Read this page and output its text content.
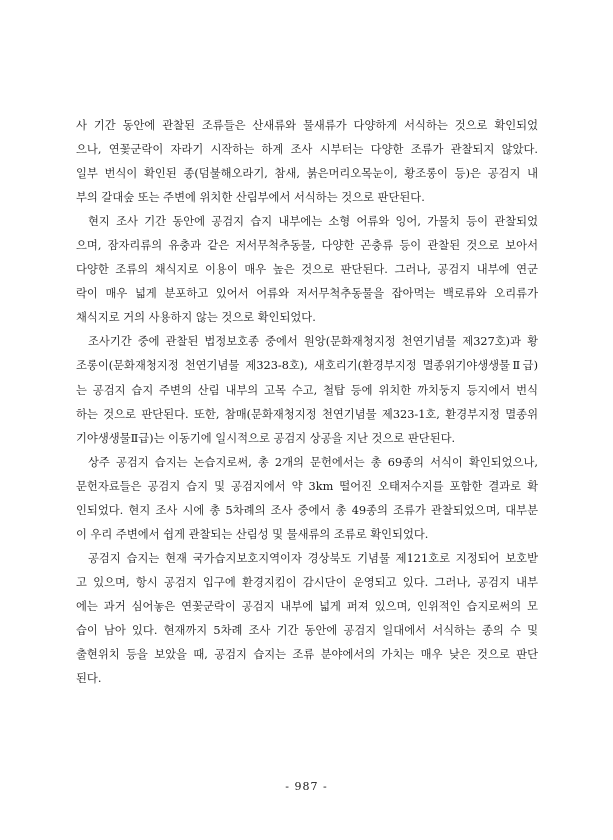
사 기간 동안에 관찰된 조류들은 산새류와 물새류가 다양하게 서식하는 것으로 확인되었
으나, 연꽃군락이 자라기 시작하는 하계 조사 시부터는 다양한 조류가 관찰되지 않았다.
일부 번식이 확인된 종(덤불해오라기, 참새, 붉은머리오목눈이, 황조롱이 등)은 공검지 내
부의 갈대숲 또는 주변에 위치한 산림부에서 서식하는 것으로 판단된다.
현지 조사 기간 동안에 공검지 습지 내부에는 소형 어류와 잉어, 가물치 등이 관찰되었
으며, 잠자리류의 유충과 같은 저서무척추동물, 다양한 곤충류 등이 관찰된 것으로 보아서
다양한 조류의 채식지로 이용이 매우 높은 것으로 판단된다. 그러나, 공검지 내부에 연군
락이 매우 넓게 분포하고 있어서 어류와 저서무척추동물을 잡아먹는 백로류와 오리류가
채식지로 거의 사용하지 않는 것으로 확인되었다.
조사기간 중에 관찰된 법정보호종 중에서 원앙(문화재청지정 천연기념물 제327호)과 황
조롱이(문화재청지정 천연기념물 제323-8호), 새호리기(환경부지정 멸종위기야생생물Ⅱ급)
는 공검지 습지 주변의 산림 내부의 고목 수고, 철탑 등에 위치한 까치둥지 등지에서 번식
하는 것으로 판단된다. 또한, 참매(문화재청지정 천연기념물 제323-1호, 환경부지정 멸종위
기야생생물Ⅱ급)는 이동기에 일시적으로 공검지 상공을 지난 것으로 판단된다.
상주 공검지 습지는 논습지로써, 총 2개의 문헌에서는 총 69종의 서식이 확인되었으나,
문헌자료들은 공검지 습지 및 공검지에서 약 3km 떨어진 오태저수지를 포함한 결과로 확
인되었다. 현지 조사 시에 총 5차례의 조사 중에서 총 49종의 조류가 관찰되었으며, 대부분
이 우리 주변에서 쉽게 관찰되는 산림성 및 물새류의 조류로 확인되었다.
공검지 습지는 현재 국가습지보호지역이자 경상북도 기념물 제121호로 지정되어 보호받
고 있으며, 항시 공검지 입구에 환경지킴이 감시단이 운영되고 있다. 그러나, 공검지 내부
에는 과거 심어놓은 연꽃군락이 공검지 내부에 넓게 퍼져 있으며, 인위적인 습지로써의 모
습이 남아 있다. 현재까지 5차례 조사 기간 동안에 공검지 일대에서 서식하는 종의 수 및
출현위치 등을 보았을 때, 공검지 습지는 조류 분야에서의 가치는 매우 낮은 것으로 판단
된다.
- 987 -
